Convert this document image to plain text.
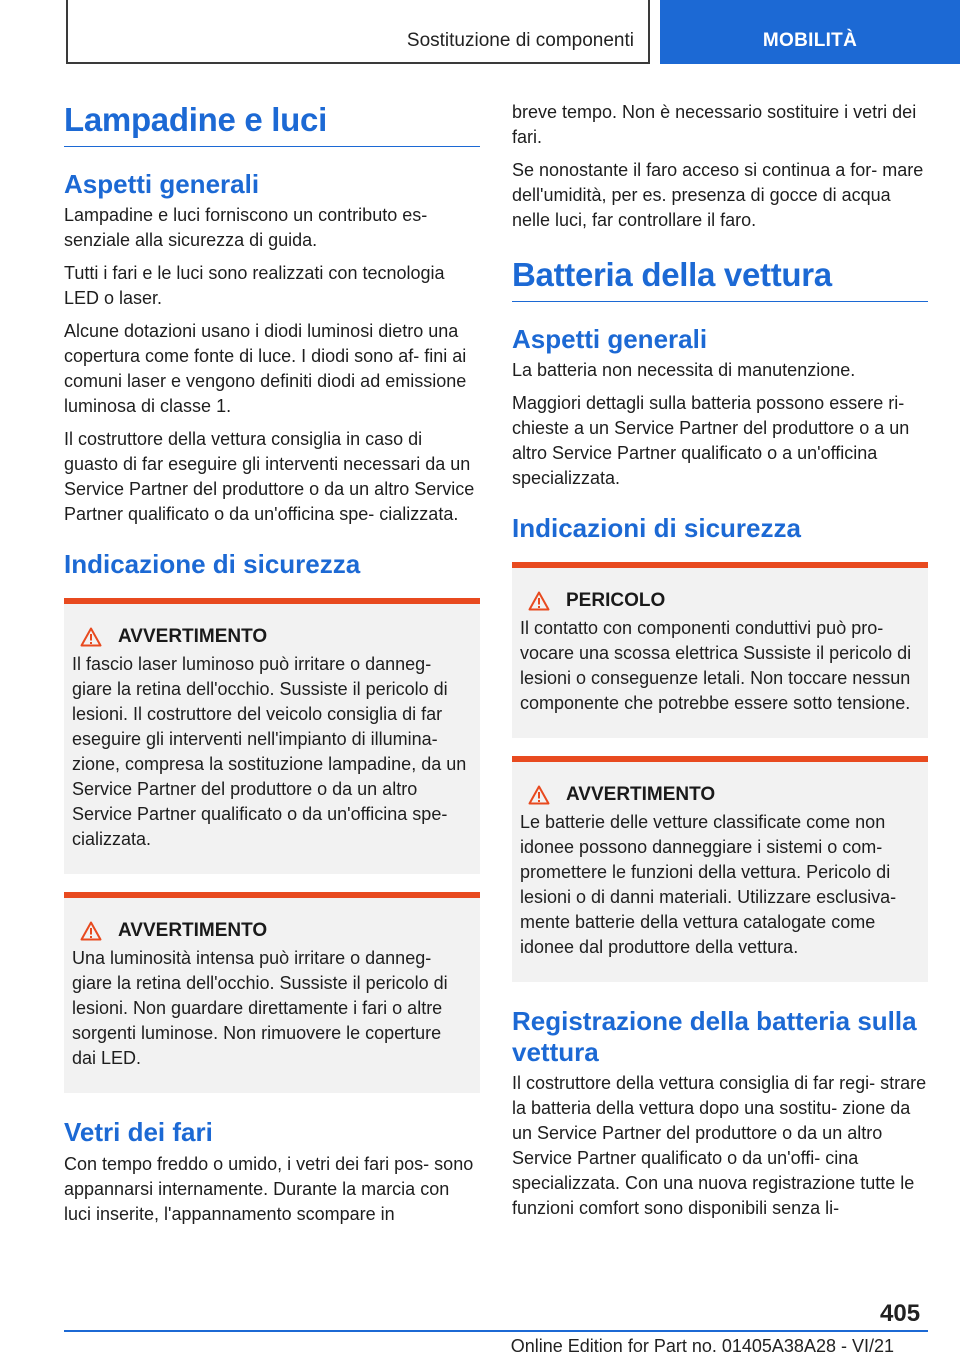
Sostituzione di componenti	MOBILITÀ
Lampadine e luci
Aspetti generali

Lampadine e luci forniscono un contributo es- senziale alla sicurezza di guida.

Tutti i fari e le luci sono realizzati con tecnologia LED o laser.

Alcune dotazioni usano i diodi luminosi dietro una copertura come fonte di luce. I diodi sono af- fini ai comuni laser e vengono definiti diodi ad emissione luminosa di classe 1.

Il costruttore della vettura consiglia in caso di guasto di far eseguire gli interventi necessari da un Service Partner del produttore o da un altro Service Partner qualificato o da un'officina spe- cializzata.

Indicazione di sicurezza
AVVERTIMENTO

Il fascio laser luminoso può irritare o danneg- giare la retina dell'occhio. Sussiste il pericolo di lesioni. Il costruttore del veicolo consiglia di far eseguire gli interventi nell'impianto di illumina- zione, compresa la sostituzione lampadine, da un Service Partner del produttore o da un altro Service Partner qualificato o da un'officina spe- cializzata.

AVVERTIMENTO

Una luminosità intensa può irritare o danneg- giare la retina dell'occhio. Sussiste il pericolo di lesioni. Non guardare direttamente i fari o altre sorgenti luminose. Non rimuovere le coperture dai LED.

Vetri dei fari

Con tempo freddo o umido, i vetri dei fari pos- sono appannarsi internamente. Durante la marcia con luci inserite, l'appannamento scompare in

breve tempo. Non è necessario sostituire i vetri dei fari.

Se nonostante il faro acceso si continua a for- mare dell'umidità, per es. presenza di gocce di acqua nelle luci, far controllare il faro.

Batteria della vettura
Aspetti generali

La batteria non necessita di manutenzione.

Maggiori dettagli sulla batteria possono essere ri- chieste a un Service Partner del produttore o a un altro Service Partner qualificato o a un'officina specializzata.

Indicazioni di sicurezza
PERICOLO

Il contatto con componenti conduttivi può pro- vocare una scossa elettrica Sussiste il pericolo di lesioni o conseguenze letali. Non toccare nessun componente che potrebbe essere sotto tensione.

AVVERTIMENTO

Le batterie delle vetture classificate come non idonee possono danneggiare i sistemi o com- promettere le funzioni della vettura. Pericolo di lesioni o di danni materiali. Utilizzare esclusiva- mente batterie della vettura catalogate come idonee dal produttore della vettura.

Registrazione della batteria sulla vettura

Il costruttore della vettura consiglia di far regi- strare la batteria della vettura dopo una sostitu- zione da un Service Partner del produttore o da un altro Service Partner qualificato o da un'offi- cina specializzata. Con una nuova registrazione tutte le funzioni comfort sono disponibili senza li-

405
Online Edition for Part no. 01405A38A28 - VI/21
